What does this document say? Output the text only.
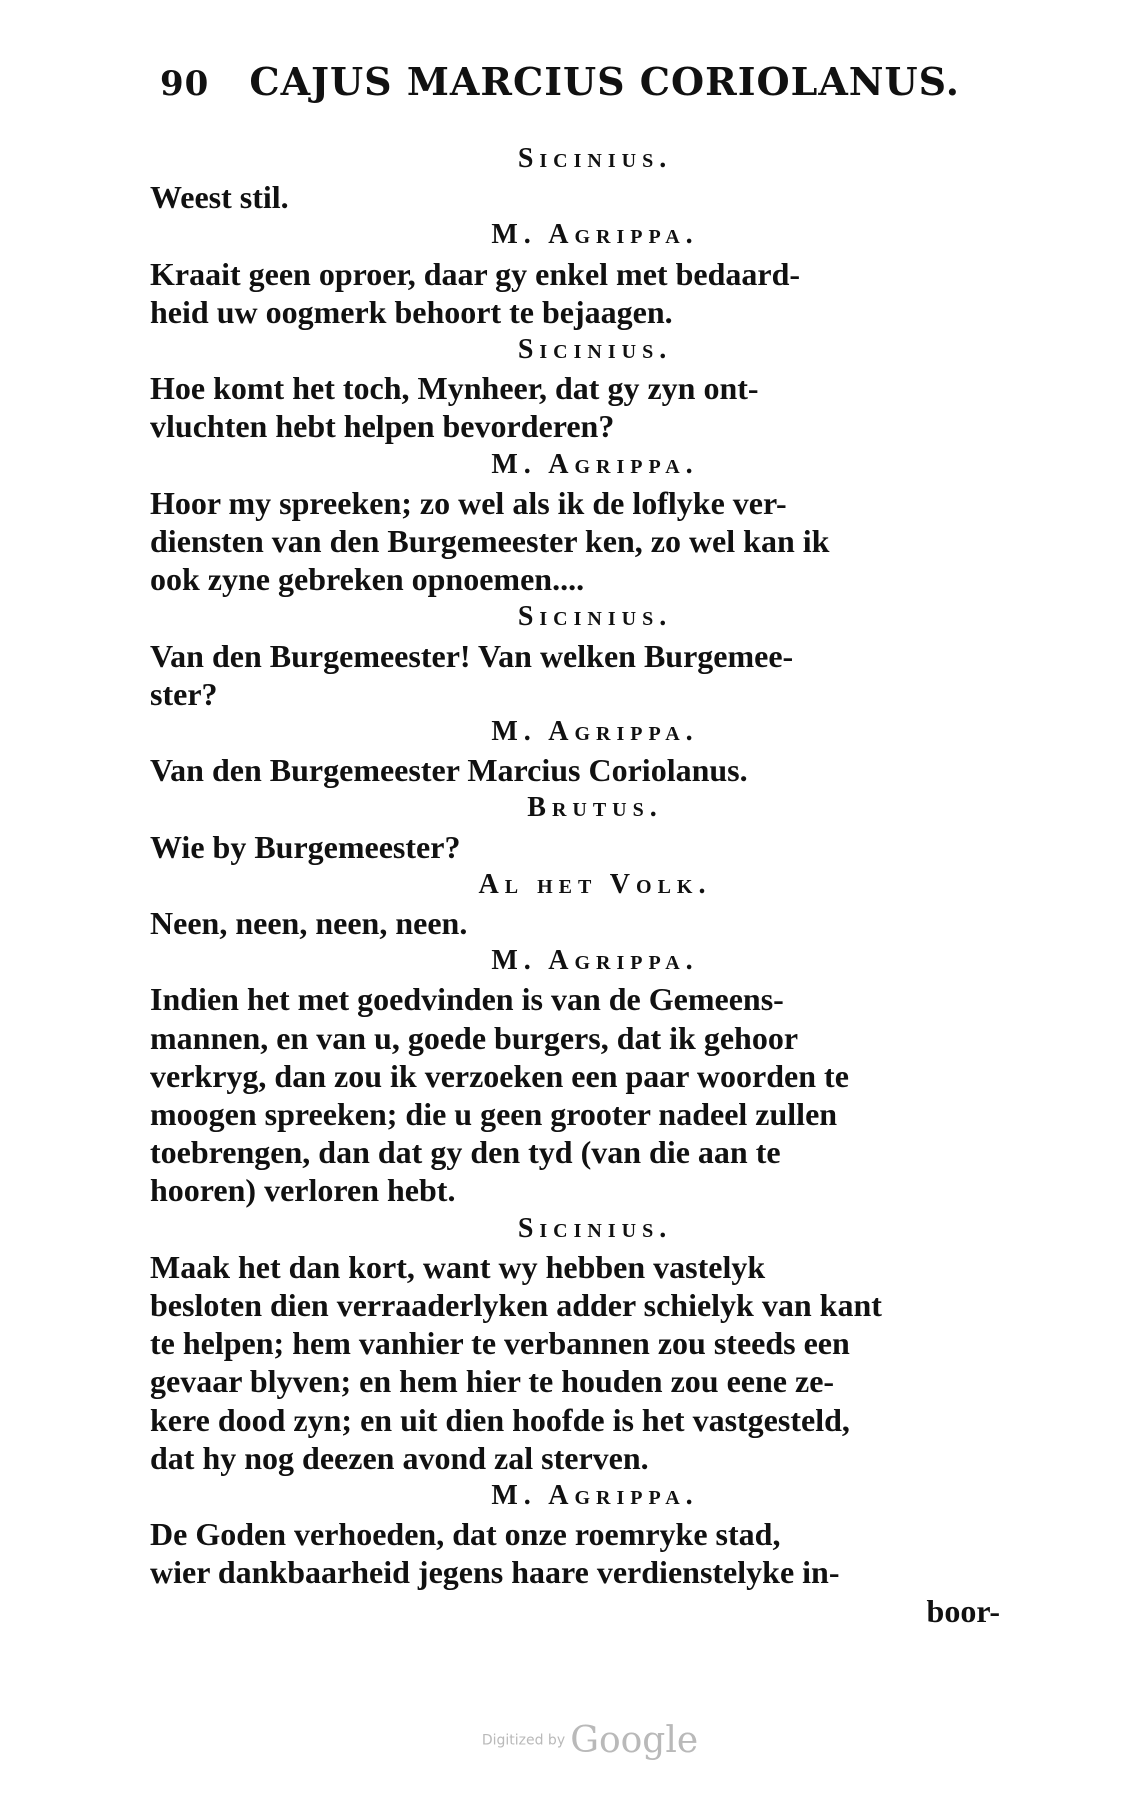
90 CAJUS MARCIUS CORIOLANUS.
Sicinius.
Weest stil.
M. Agrippa.
Kraait geen oproer, daar gy enkel met bedaard-
heid uw oogmerk behoort te bejaagen.
Sicinius.
Hoe komt het toch, Mynheer, dat gy zyn ont-
vluchten hebt helpen bevorderen?
M. Agrippa.
Hoor my spreeken; zo wel als ik de loflyke ver-
diensten van den Burgemeester ken, zo wel kan ik
ook zyne gebreken opnoemen....
Sicinius.
Van den Burgemeester! Van welken Burgemee-
ster?
M. Agrippa.
Van den Burgemeester Marcius Coriolanus.
Brutus.
Wie by Burgemeester?
Al het Volk.
Neen, neen, neen, neen.
M. Agrippa.
Indien het met goedvinden is van de Gemeens-
mannen, en van u, goede burgers, dat ik gehoor
verkryg, dan zou ik verzoeken een paar woorden te
moogen spreeken; die u geen grooter nadeel zullen
toebrengen, dan dat gy den tyd (van die aan te
hooren) verloren hebt.
Sicinius.
Maak het dan kort, want wy hebben vastelyk
besloten dien verraaderlyken adder schielyk van kant
te helpen; hem vanhier te verbannen zou steeds een
gevaar blyven; en hem hier te houden zou eene ze-
kere dood zyn; en uit dien hoofde is het vastgesteld,
dat hy nog deezen avond zal sterven.
M. Agrippa.
De Goden verhoeden, dat onze roemryke stad,
wier dankbaarheid jegens haare verdienstelyke in-
boor-
Digitized by Google
